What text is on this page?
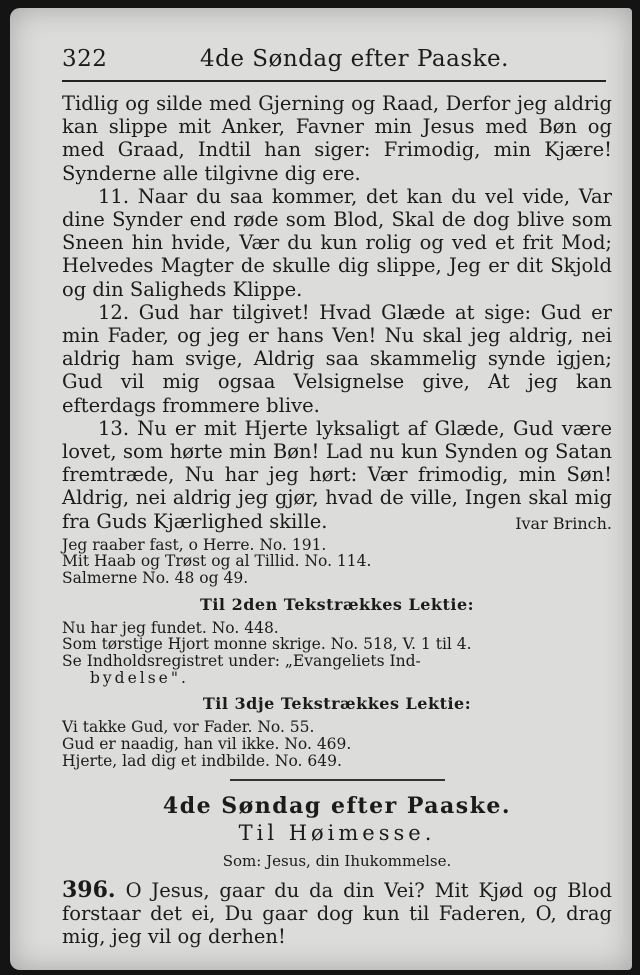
322	4de Søndag efter Paaske.

Tidlig og silde med Gjerning og Raad, Derfor jeg aldrig kan slippe mit Anker, Favner min Jesus med Bøn og med Graad, Indtil han siger: Frimodig, min Kjære! Synderne alle tilgivne dig ere.

11. Naar du saa kommer, det kan du vel vide, Var dine Synder end røde som Blod, Skal de dog blive som Sneen hin hvide, Vær du kun rolig og ved et frit Mod; Helvedes Magter de skulle dig slippe, Jeg er dit Skjold og din Saligheds Klippe.

12. Gud har tilgivet! Hvad Glæde at sige: Gud er min Fader, og jeg er hans Ven! Nu skal jeg aldrig, nei aldrig ham svige, Aldrig saa skammelig synde igjen; Gud vil mig ogsaa Velsignelse give, At jeg kan efterdags frommere blive.

13. Nu er mit Hjerte lyksaligt af Glæde, Gud være lovet, som hørte min Bøn! Lad nu kun Synden og Satan fremtræde, Nu har jeg hørt: Vær frimodig, min Søn! Aldrig, nei aldrig jeg gjør, hvad de ville, Ingen skal mig fra Guds Kjærlighed skille.	Ivar Brinch.

Jeg raaber fast, o Herre. No. 191.

Mit Haab og Trøst og al Tillid. No. 114.

Salmerne No. 48 og 49.

Til 2den Tekstrækkes Lektie:

Nu har jeg fundet. No. 448.

Som tørstige Hjort monne skrige. No. 518, V. 1 til 4.

Se Indholdsregistret under: „Evangeliets Ind-

bydelse".

Til 3dje Tekstrækkes Lektie:

Vi takke Gud, vor Fader. No. 55.

Gud er naadig, han vil ikke. No. 469.

Hjerte, lad dig et indbilde. No. 649.

4de Søndag efter Paaske.
Til Høimesse.
Som: Jesus, din Ihukommelse.

396. O Jesus, gaar du da din Vei? Mit Kjød og Blod forstaar det ei, Du gaar dog kun til Faderen, O, drag mig, jeg vil og derhen!
